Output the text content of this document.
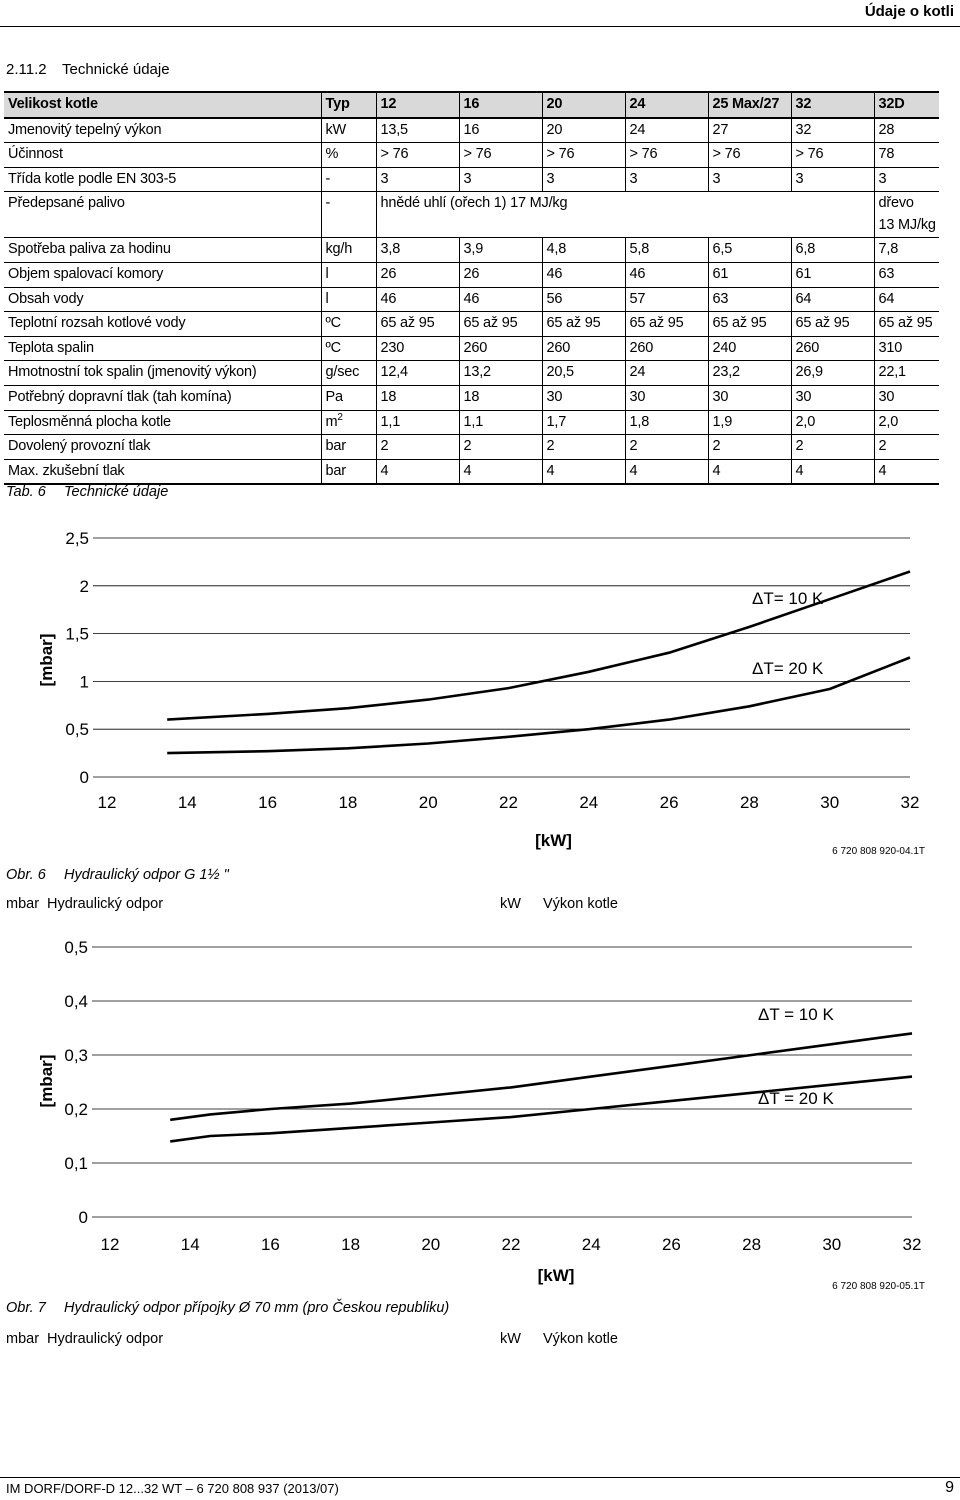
Údaje o kotli
2.11.2 Technické údaje
Velikost kotle	Typ	12	16	20	24	25 Max/27	32	32D
Jmenovitý tepelný výkon	kW	13,5	16	20	24	27	32	28
Účinnost	%	> 76	> 76	> 76	> 76	> 76	> 76	78
Třída kotle podle EN 303-5	-	3	3	3	3	3	3	3
Předepsané palivo	-	hnědé uhlí (ořech 1) 17 MJ/kg						dřevo
13 MJ/kg

Spotřeba paliva za hodinu	kg/h	3,8	3,9	4,8	5,8	6,5	6,8	7,8
Objem spalovací komory	l	26	26	46	46	61	61	63
Obsah vody	l	46	46	56	57	63	64	64
Teplotní rozsah kotlové vody	ºC	65 až 95	65 až 95	65 až 95	65 až 95	65 až 95	65 až 95	65 až 95
Teplota spalin	ºC	230	260	260	260	240	260	310
Hmotnostní tok spalin (jmenovitý výkon)	g/sec	12,4	13,2	20,5	24	23,2	26,9	22,1
Potřebný dopravní tlak (tah komína)	Pa	18	18	30	30	30	30	30
Teplosměnná plocha kotle	$m^2$	1,1	1,1	1,7	1,8	1,9	2,0	2,0
Dovolený provozní tlak	bar	2	2	2	2	2	2	2
Max. zkušební tlak	bar	4	4	4	4	4	4	4
Tab. 6 Technické údaje
0
0,5
1
1,5
2
2,5
12	14	16	18	20	22	24	26	28	30	32
[kW]
[mbar]
ΔT= 10 K
ΔT= 20 K
6 720 808 920-04.1T
Obr. 6 Hydraulický odpor G 1½ "
mbar Hydraulický odpor	kW Výkon kotle
0
0,1
0,2
0,3
0,4
0,5
12	14	16	18	20	22	24	26	28	30	32
[kW]
[mbar]
ΔT = 10 K
ΔT = 20 K
6 720 808 920-05.1T
Obr. 7 Hydraulický odpor přípojky Ø 70 mm (pro Českou republiku)
mbar Hydraulický odpor	kW Výkon kotle
IM DORF/DORF-D 12...32 WT – 6 720 808 937 (2013/07)	9
